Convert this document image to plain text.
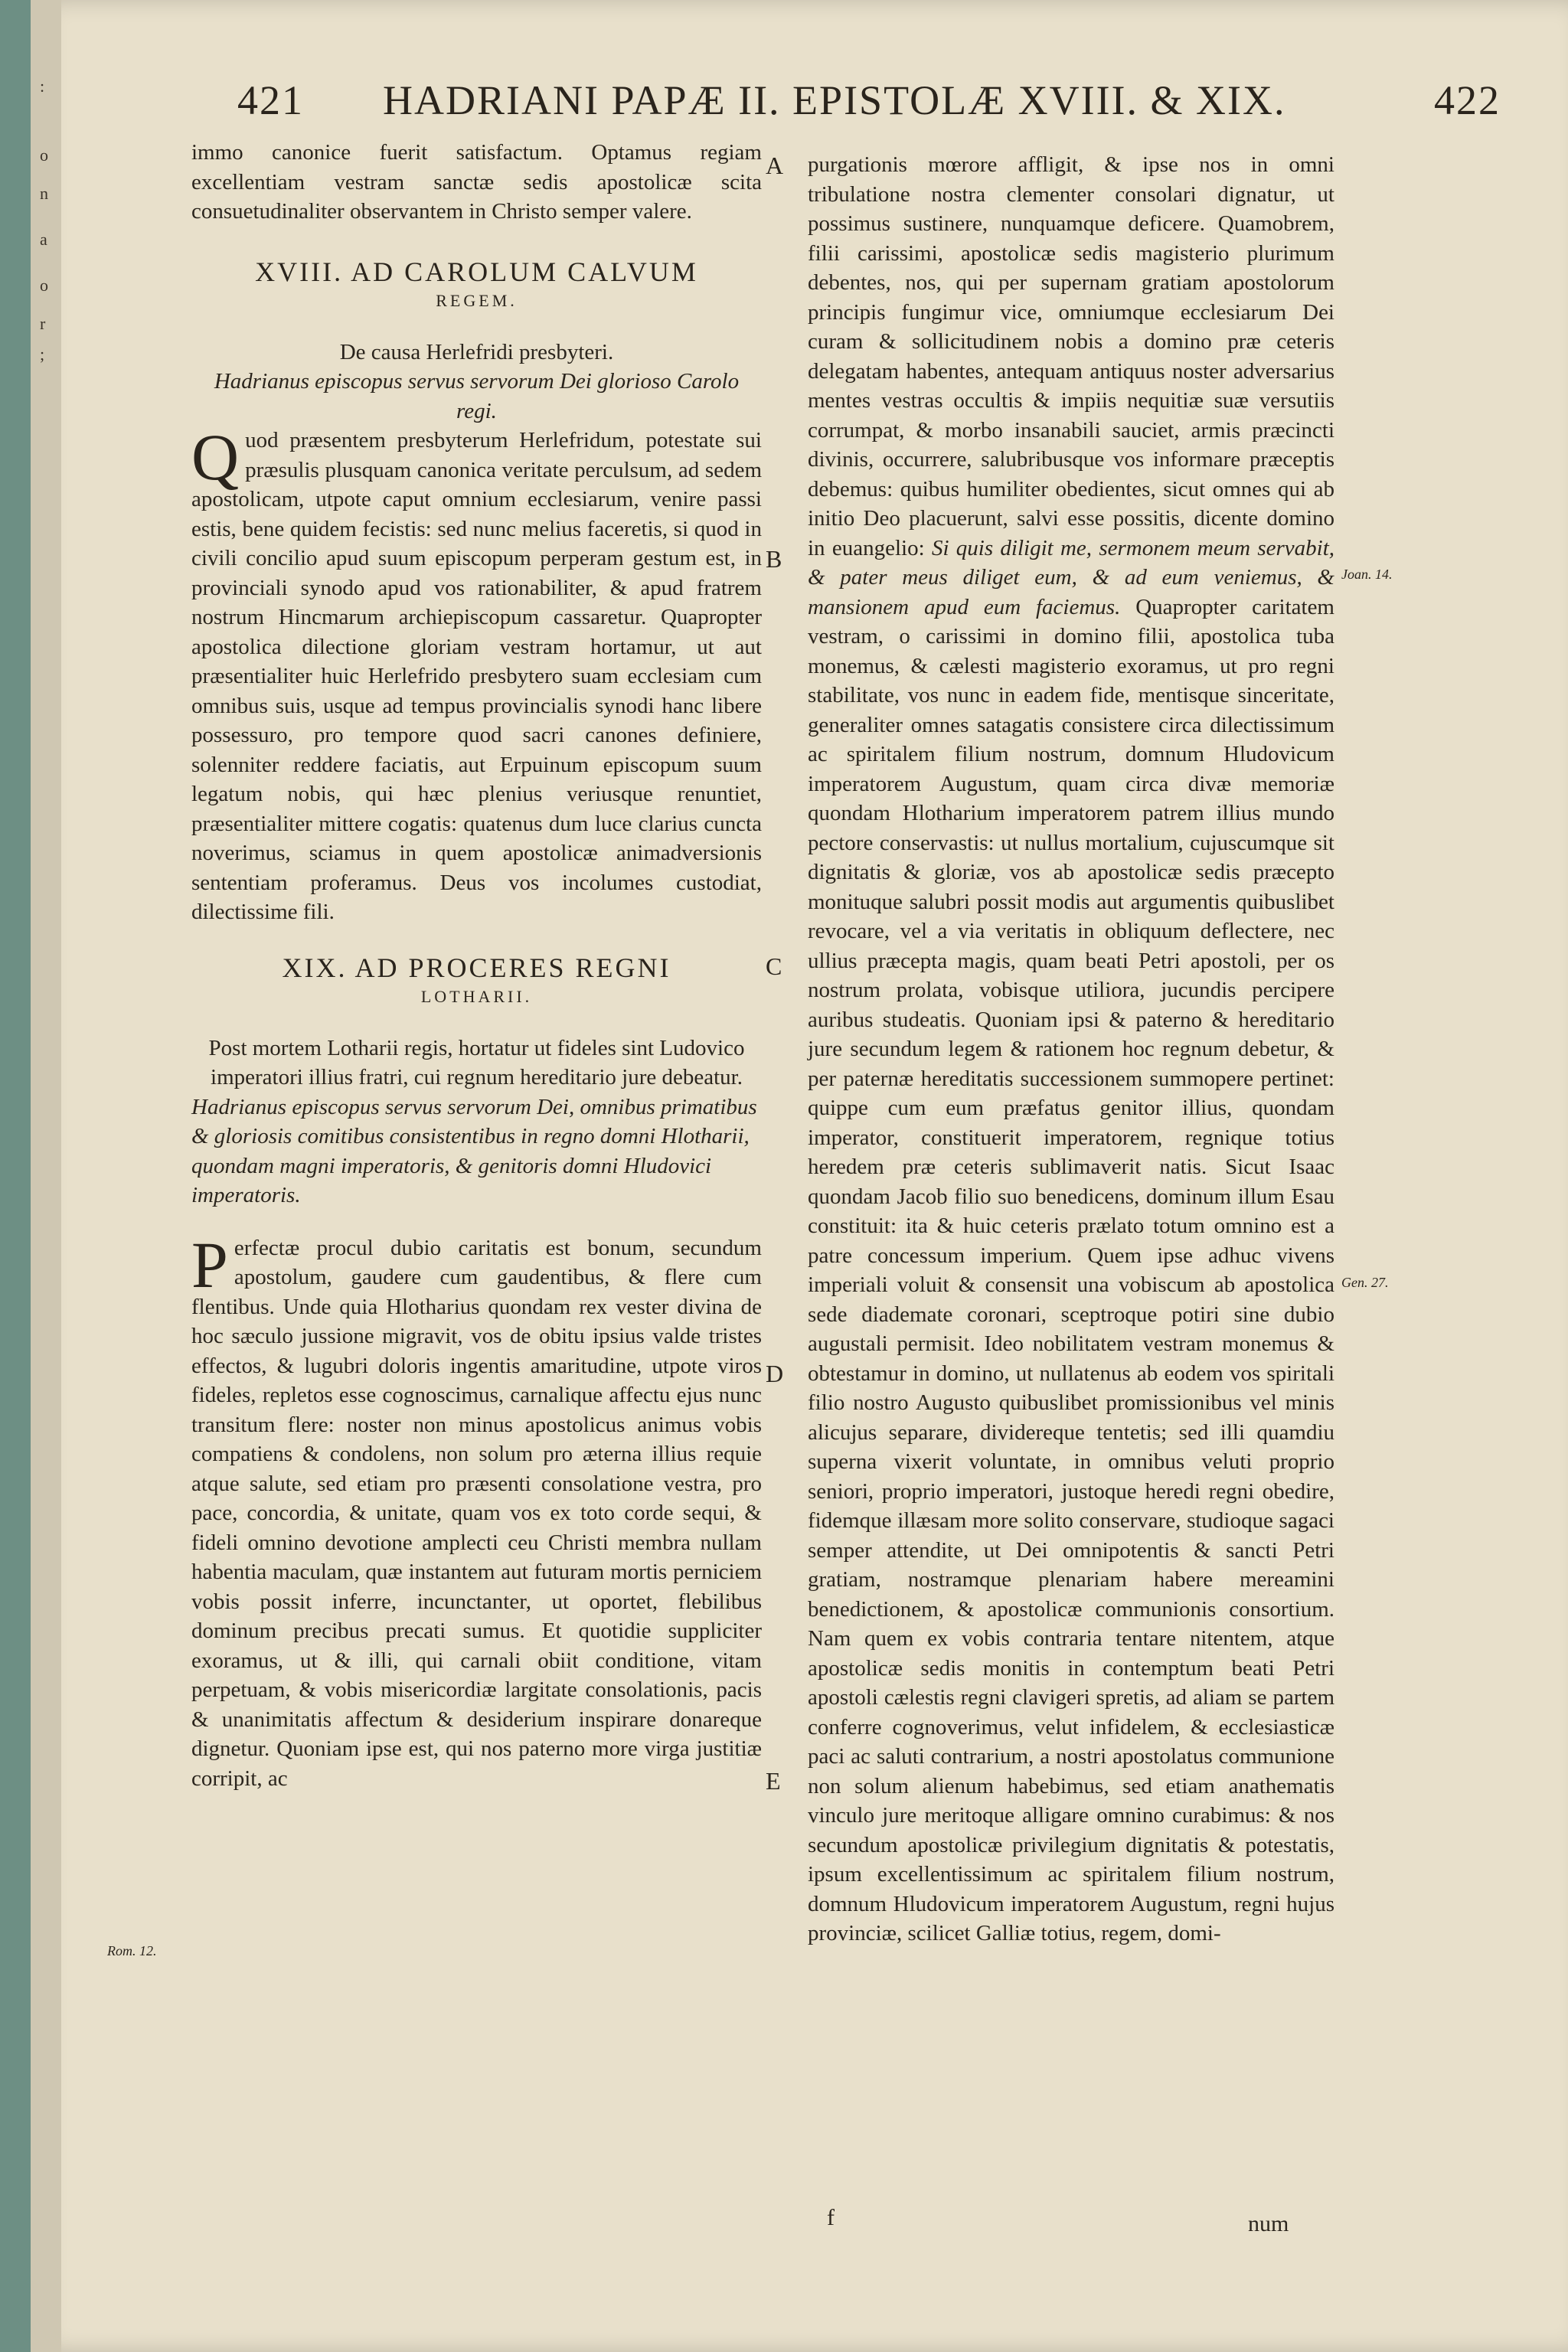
:
o
n
a
o
r
;
421 HADRIANI PAPÆ II. EPISTOLÆ XVIII. & XIX.	422

immo canonice fuerit satisfactum. Optamus regiam excellentiam vestram sanctæ sedis apostolicæ scita consuetudinaliter observantem in Christo semper valere.

XVIII. AD CAROLUM CALVUM
REGEM.

De causa Herlefridi presbyteri.

Hadrianus episcopus servus servorum Dei glorioso Carolo regi.

Quod præsentem presbyterum Herlefridum, potestate sui præsulis plusquam canonica veritate perculsum, ad sedem apostolicam, utpote caput omnium ecclesiarum, venire passi estis, bene quidem fecistis: sed nunc melius faceretis, si quod in civili concilio apud suum episcopum perperam gestum est, in provinciali synodo apud vos rationabiliter, & apud fratrem nostrum Hincmarum archiepiscopum cassaretur. Quapropter apostolica dilectione gloriam vestram hortamur, ut aut præsentialiter huic Herlefrido presbytero suam ecclesiam cum omnibus suis, usque ad tempus provincialis synodi hanc libere possessuro, pro tempore quod sacri canones definiere, solenniter reddere faciatis, aut Erpuinum episcopum suum legatum nobis, qui hæc plenius veriusque renuntiet, præsentialiter mittere cogatis: quatenus dum luce clarius cuncta noverimus, sciamus in quem apostolicæ animadversionis sententiam proferamus. Deus vos incolumes custodiat, dilectissime fili.

XIX. AD PROCERES REGNI
LOTHARII.

Post mortem Lotharii regis, hortatur ut fideles sint Ludovico imperatori illius fratri, cui regnum hereditario jure debeatur.

Hadrianus episcopus servus servorum Dei, omnibus primatibus & gloriosis comitibus consistentibus in regno domni Hlotharii, quondam magni imperatoris, & genitoris domni Hludovici imperatoris.

Perfectæ procul dubio caritatis est bonum, secundum apostolum, gaudere cum gaudentibus, & flere cum flentibus. Unde quia Hlotharius quondam rex vester divina de hoc sæculo jussione migravit, vos de obitu ipsius valde tristes effectos, & lugubri doloris ingentis amaritudine, utpote viros fideles, repletos esse cognoscimus, carnalique affectu ejus nunc transitum flere: noster non minus apostolicus animus vobis compatiens & condolens, non solum pro æterna illius requie atque salute, sed etiam pro præsenti consolatione vestra, pro pace, concordia, & unitate, quam vos ex toto corde sequi, & fideli omnino devotione amplecti ceu Christi membra nullam habentia maculam, quæ instantem aut futuram mortis perniciem vobis possit inferre, incunctanter, ut oportet, flebilibus dominum precibus precati sumus. Et quotidie suppliciter exoramus, ut & illi, qui carnali obiit conditione, vitam perpetuam, & vobis misericordiæ largitate consolationis, pacis & unanimitatis affectum & desiderium inspirare donareque dignetur. Quoniam ipse est, qui nos paterno more virga justitiæ corripit, ac

purgationis mœrore affligit, & ipse nos in omni tribulatione nostra clementer consolari dignatur, ut possimus sustinere, nunquamque deficere. Quamobrem, filii carissimi, apostolicæ sedis magisterio plurimum debentes, nos, qui per supernam gratiam apostolorum principis fungimur vice, omniumque ecclesiarum Dei curam & sollicitudinem nobis a domino præ ceteris delegatam habentes, antequam antiquus noster adversarius mentes vestras occultis & impiis nequitiæ suæ versutiis corrumpat, & morbo insanabili sauciet, armis præcincti divinis, occurrere, salubribusque vos informare præceptis debemus: quibus humiliter obedientes, sicut omnes qui ab initio Deo placuerunt, salvi esse possitis, dicente domino in euangelio: Si quis diligit me, sermonem meum servabit, & pater meus diliget eum, & ad eum veniemus, & mansionem apud eum faciemus. Quapropter caritatem vestram, o carissimi in domino filii, apostolica tuba monemus, & cælesti magisterio exoramus, ut pro regni stabilitate, vos nunc in eadem fide, mentisque sinceritate, generaliter omnes satagatis consistere circa dilectissimum ac spiritalem filium nostrum, domnum Hludovicum imperatorem Augustum, quam circa divæ memoriæ quondam Hlotharium imperatorem patrem illius mundo pectore conservastis: ut nullus mortalium, cujuscumque sit dignitatis & gloriæ, vos ab apostolicæ sedis præcepto monituque salubri possit modis aut argumentis quibuslibet revocare, vel a via veritatis in obliquum deflectere, nec ullius præcepta magis, quam beati Petri apostoli, per os nostrum prolata, vobisque utiliora, jucundis percipere auribus studeatis. Quoniam ipsi & paterno & hereditario jure secundum legem & rationem hoc regnum debetur, & per paternæ hereditatis successionem summopere pertinet: quippe cum eum præfatus genitor illius, quondam imperator, constituerit imperatorem, regnique totius heredem præ ceteris sublimaverit natis. Sicut Isaac quondam Jacob filio suo benedicens, dominum illum Esau constituit: ita & huic ceteris prælato totum omnino est a patre concessum imperium. Quem ipse adhuc vivens imperiali voluit & consensit una vobiscum ab apostolica sede diademate coronari, sceptroque potiri sine dubio augustali permisit. Ideo nobilitatem vestram monemus & obtestamur in domino, ut nullatenus ab eodem vos spiritali filio nostro Augusto quibuslibet promissionibus vel minis alicujus separare, dividereque tentetis; sed illi quamdiu superna vixerit voluntate, in omnibus veluti proprio seniori, proprio imperatori, justoque heredi regni obedire, fidemque illæsam more solito conservare, studioque sagaci semper attendite, ut Dei omnipotentis & sancti Petri gratiam, nostramque plenariam habere mereamini benedictionem, & apostolicæ communionis consortium. Nam quem ex vobis contraria tentare nitentem, atque apostolicæ sedis monitis in contemptum beati Petri apostoli cælestis regni clavigeri spretis, ad aliam se partem conferre cognoverimus, velut infidelem, & ecclesiasticæ paci ac saluti contrarium, a nostri apostolatus communione non solum alienum habebimus, sed etiam anathematis vinculo jure meritoque alligare omnino curabimus: & nos secundum apostolicæ privilegium dignitatis & potestatis, ipsum excellentissimum ac spiritalem filium nostrum, domnum Hludovicum imperatorem Augustum, regni hujus provinciæ, scilicet Galliæ totius, regem, domi-

A
B
C
D
E
Rom. 12.
Joan. 14.
Gen. 27.
f	num
